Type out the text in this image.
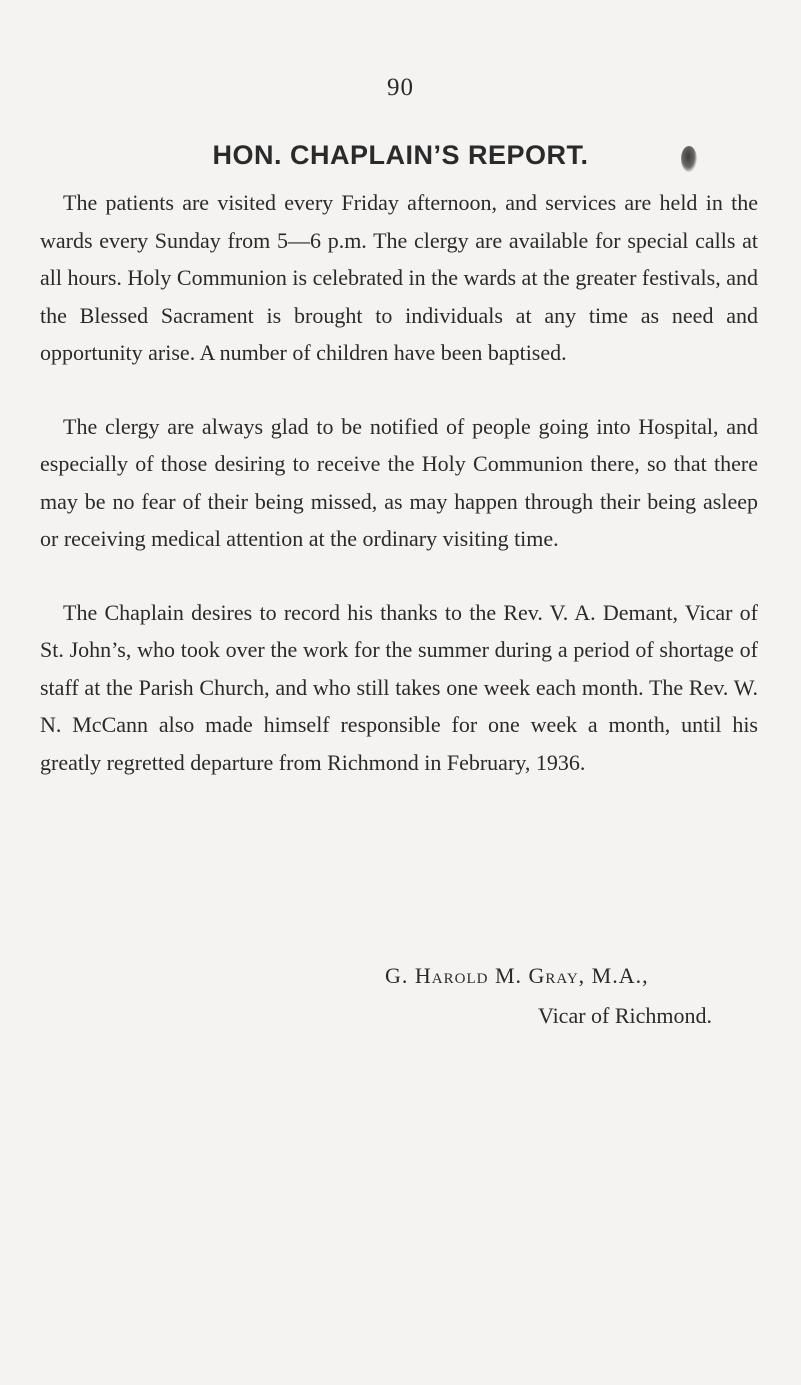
90
HON. CHAPLAIN’S REPORT.

The patients are visited every Friday afternoon, and services are held in the wards every Sunday from 5—6 p.m. The clergy are available for special calls at all hours. Holy Communion is celebrated in the wards at the greater festivals, and the Blessed Sacrament is brought to individuals at any time as need and opportunity arise. A number of children have been baptised.

The clergy are always glad to be notified of people going into Hospital, and especially of those desiring to receive the Holy Communion there, so that there may be no fear of their being missed, as may happen through their being asleep or receiving medical attention at the ordinary visiting time.

The Chaplain desires to record his thanks to the Rev. V. A. Demant, Vicar of St. John’s, who took over the work for the summer during a period of shortage of staff at the Parish Church, and who still takes one week each month. The Rev. W. N. McCann also made himself responsible for one week a month, until his greatly regretted departure from Richmond in February, 1936.

G. Harold M. Gray, M.A.,
Vicar of Richmond.
